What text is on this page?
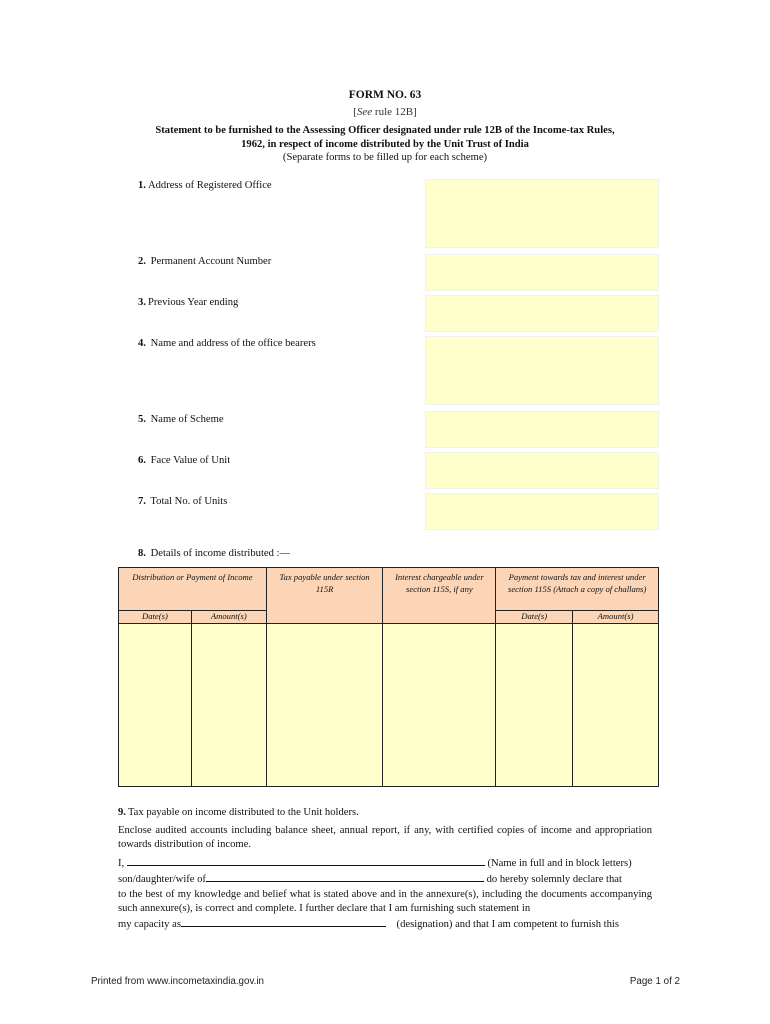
FORM NO. 63
[See rule 12B]
Statement to be furnished to the Assessing Officer designated under rule 12B of the Income-tax Rules,
1962, in respect of income distributed by the Unit Trust of India
(Separate forms to be filled up for each scheme)
1. Address of Registered Office
2. Permanent Account Number
3. Previous Year ending
4. Name and address of the office bearers
5. Name of Scheme
6. Face Value of Unit
7. Total No. of Units
8. Details of income distributed :—
Distribution or Payment of Income		Tax payable under section 115R	Interest chargeable under section 115S, if any	Payment towards tax and interest under section 115S (Attach a copy of challans)	
Date(s)	Amount(s)			Date(s)	Amount(s)

9. Tax payable on income distributed to the Unit holders.
Enclose audited accounts including balance sheet, annual report, if any, with certified copies of income and appropriation towards distribution of income.
I,	(Name in full and in block letters)
son/daughter/wife of	do hereby solemnly declare that
to the best of my knowledge and belief what is stated above and in the annexure(s), including the documents accompanying such annexure(s), is correct and complete. I further declare that I am furnishing such statement in
my capacity as	(designation) and that I am competent to furnish this
Printed from www.incometaxindia.gov.in	Page 1 of 2
